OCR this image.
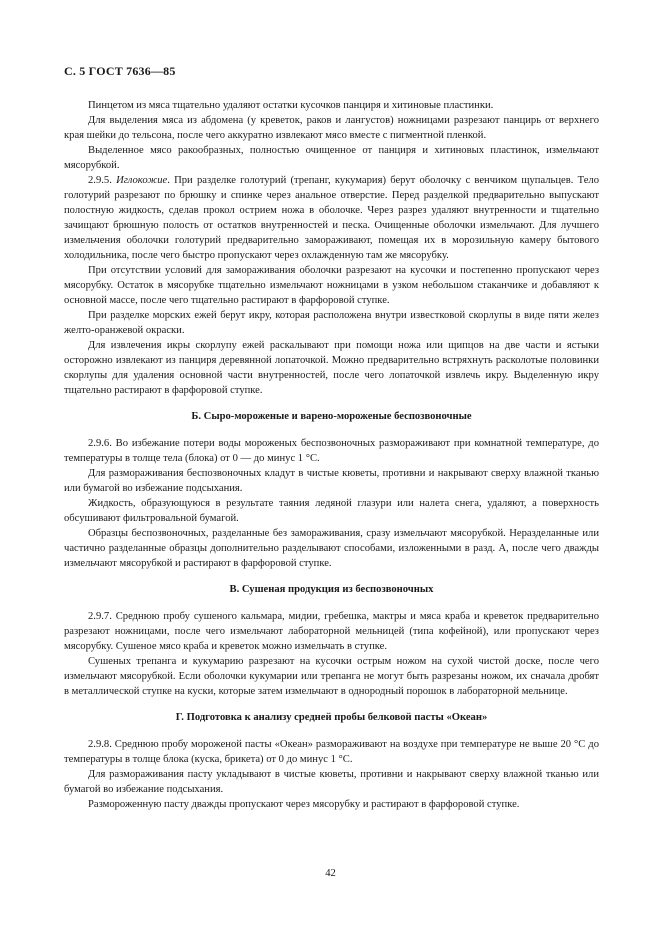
С. 5 ГОСТ 7636—85

Пинцетом из мяса тщательно удаляют остатки кусочков панциря и хитиновые пластинки.

Для выделения мяса из абдомена (у креветок, раков и лангустов) ножницами разрезают панцирь от верхнего края шейки до тельсона, после чего аккуратно извлекают мясо вместе с пигментной пленкой.

Выделенное мясо ракообразных, полностью очищенное от панциря и хитиновых пластинок, измельчают мясорубкой.

2.9.5. Иглокожие. При разделке голотурий (трепанг, кукумария) берут оболочку с венчиком щупальцев. Тело голотурий разрезают по брюшку и спинке через анальное отверстие. Перед разделкой предварительно выпускают полостную жидкость, сделав прокол острием ножа в оболочке. Через разрез удаляют внутренности и тщательно зачищают брюшную полость от остатков внутренностей и песка. Очищенные оболочки измельчают. Для лучшего измельчения оболочки голотурий предварительно замораживают, помещая их в морозильную камеру бытового холодильника, после чего быстро пропускают через охлажденную там же мясорубку.

При отсутствии условий для замораживания оболочки разрезают на кусочки и постепенно пропускают через мясорубку. Остаток в мясорубке тщательно измельчают ножницами в узком небольшом стаканчике и добавляют к основной массе, после чего тщательно растирают в фарфоровой ступке.

При разделке морских ежей берут икру, которая расположена внутри известковой скорлупы в виде пяти желез желто-оранжевой окраски.

Для извлечения икры скорлупу ежей раскалывают при помощи ножа или щипцов на две части и ястыки осторожно извлекают из панциря деревянной лопаточкой. Можно предварительно встряхнуть расколотые половинки скорлупы для удаления основной части внутренностей, после чего лопаточкой извлечь икру. Выделенную икру тщательно растирают в фарфоровой ступке.

Б. Сыро-мороженые и варено-мороженые беспозвоночные

2.9.6. Во избежание потери воды мороженых беспозвоночных размораживают при комнатной температуре, до температуры в толще тела (блока) от 0 — до минус 1 °С.

Для размораживания беспозвоночных кладут в чистые кюветы, противни и накрывают сверху влажной тканью или бумагой во избежание подсыхания.

Жидкость, образующуюся в результате таяния ледяной глазури или налета снега, удаляют, а поверхность обсушивают фильтровальной бумагой.

Образцы беспозвоночных, разделанные без замораживания, сразу измельчают мясорубкой. Неразделанные или частично разделанные образцы дополнительно разделывают способами, изложенными в разд. А, после чего дважды измельчают мясорубкой и растирают в фарфоровой ступке.

В. Сушеная продукция из беспозвоночных

2.9.7. Среднюю пробу сушеного кальмара, мидии, гребешка, мактры и мяса краба и креветок предварительно разрезают ножницами, после чего измельчают лабораторной мельницей (типа кофейной), или пропускают через мясорубку. Сушеное мясо краба и креветок можно измельчать в ступке.

Сушеных трепанга и кукумарию разрезают на кусочки острым ножом на сухой чистой доске, после чего измельчают мясорубкой. Если оболочки кукумарии или трепанга не могут быть разрезаны ножом, их сначала дробят в металлической ступке на куски, которые затем измельчают в однородный порошок в лабораторной мельнице.

Г. Подготовка к анализу средней пробы белковой пасты «Океан»

2.9.8. Среднюю пробу мороженой пасты «Океан» размораживают на воздухе при температуре не выше 20 °С до температуры в толще блока (куска, брикета) от 0 до минус 1 °С.

Для размораживания пасту укладывают в чистые кюветы, противни и накрывают сверху влажной тканью или бумагой во избежание подсыхания.

Размороженную пасту дважды пропускают через мясорубку и растирают в фарфоровой ступке.

42
